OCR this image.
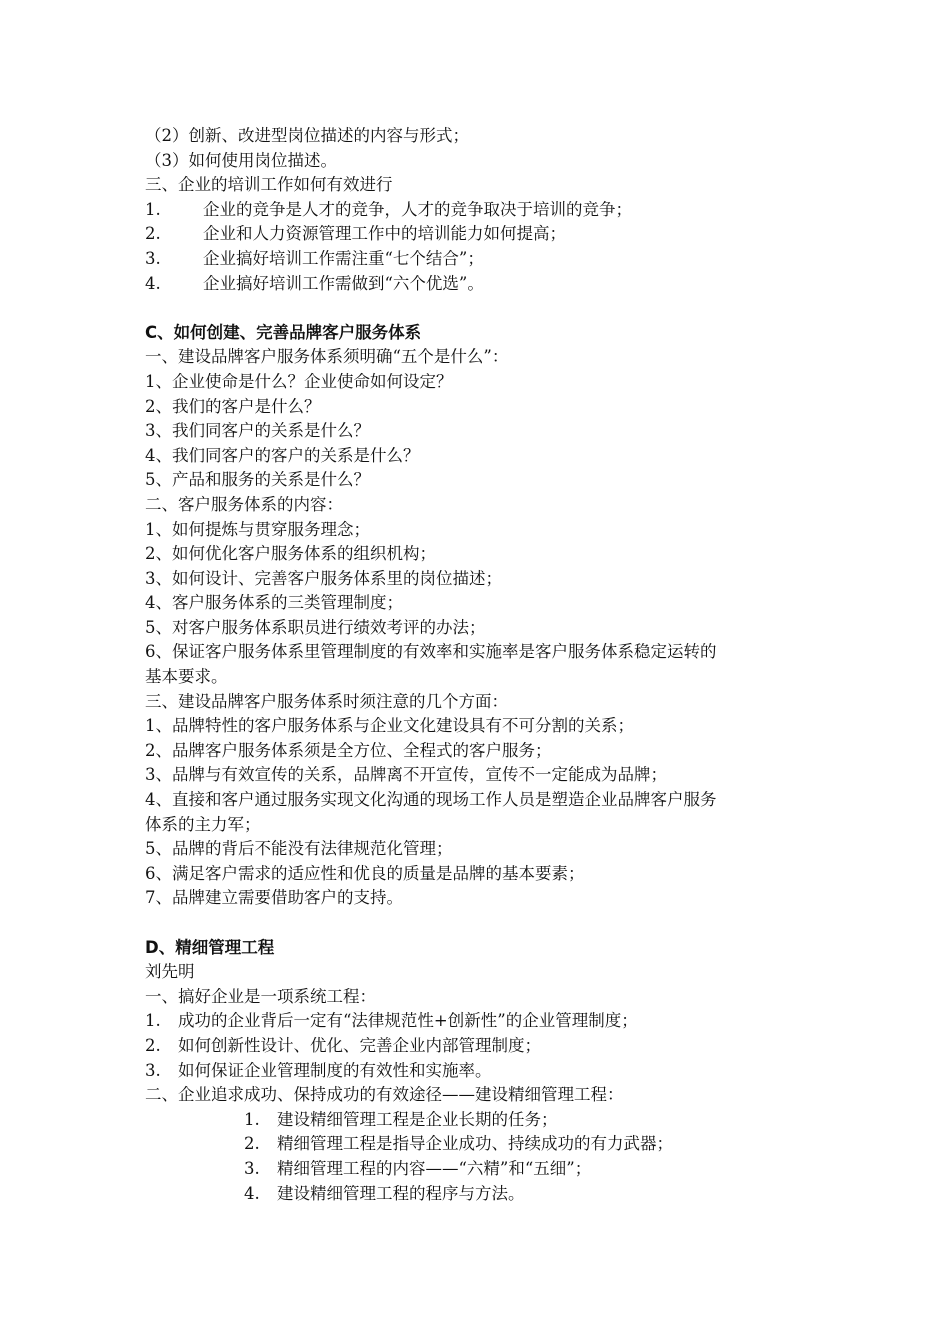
（2）创新、改进型岗位描述的内容与形式；
（3）如何使用岗位描述。
三、企业的培训工作如何有效进行
1.	企业的竞争是人才的竞争，人才的竞争取决于培训的竞争；
2.	企业和人力资源管理工作中的培训能力如何提高；
3.	企业搞好培训工作需注重“七个结合”；
4.	企业搞好培训工作需做到“六个优选”。
C、如何创建、完善品牌客户服务体系
一、建设品牌客户服务体系须明确“五个是什么”：
1、企业使命是什么？企业使命如何设定？
2、我们的客户是什么？
3、我们同客户的关系是什么？
4、我们同客户的客户的关系是什么？
5、产品和服务的关系是什么？
二、客户服务体系的内容：
1、如何提炼与贯穿服务理念；
2、如何优化客户服务体系的组织机构；
3、如何设计、完善客户服务体系里的岗位描述；
4、客户服务体系的三类管理制度；
5、对客户服务体系职员进行绩效考评的办法；
6、保证客户服务体系里管理制度的有效率和实施率是客户服务体系稳定运转的
基本要求。
三、建设品牌客户服务体系时须注意的几个方面：
1、品牌特性的客户服务体系与企业文化建设具有不可分割的关系；
2、品牌客户服务体系须是全方位、全程式的客户服务；
3、品牌与有效宣传的关系，品牌离不开宣传，宣传不一定能成为品牌；
4、直接和客户通过服务实现文化沟通的现场工作人员是塑造企业品牌客户服务
体系的主力军；
5、品牌的背后不能没有法律规范化管理；
6、满足客户需求的适应性和优良的质量是品牌的基本要素；
7、品牌建立需要借助客户的支持。
D、精细管理工程
刘先明
一、搞好企业是一项系统工程：
1.	成功的企业背后一定有“法律规范性+创新性”的企业管理制度；
2.	如何创新性设计、优化、完善企业内部管理制度；
3.	如何保证企业管理制度的有效性和实施率。
二、企业追求成功、保持成功的有效途径——建设精细管理工程：
1.	建设精细管理工程是企业长期的任务；
2.	精细管理工程是指导企业成功、持续成功的有力武器；
3.	精细管理工程的内容——“六精”和“五细”；
4.	建设精细管理工程的程序与方法。
